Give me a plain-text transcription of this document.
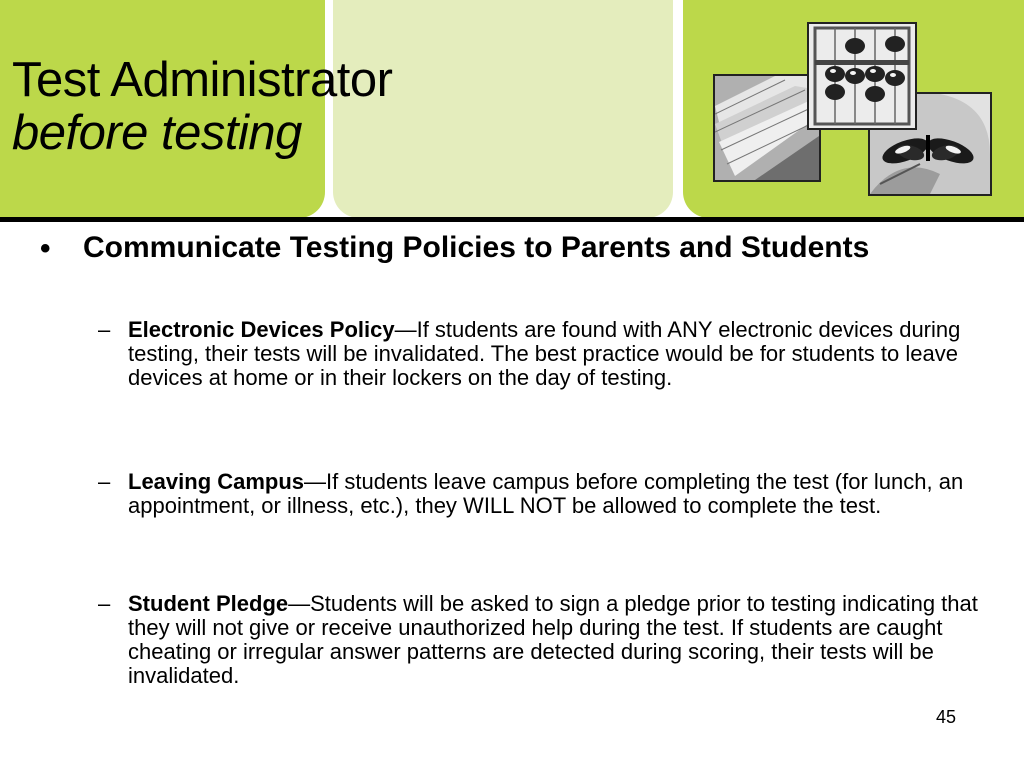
Test Administrator
before testing
• Communicate Testing Policies to Parents and Students
– Electronic Devices Policy—If students are found with ANY electronic devices during testing, their tests will be invalidated. The best practice would be for students to leave devices at home or in their lockers on the day of testing.
– Leaving Campus—If students leave campus before completing the test (for lunch, an appointment, or illness, etc.), they WILL NOT be allowed to complete the test.
– Student Pledge—Students will be asked to sign a pledge prior to testing indicating that they will not give or receive unauthorized help during the test. If students are caught cheating or irregular answer patterns are detected during scoring, their tests will be invalidated.
45
